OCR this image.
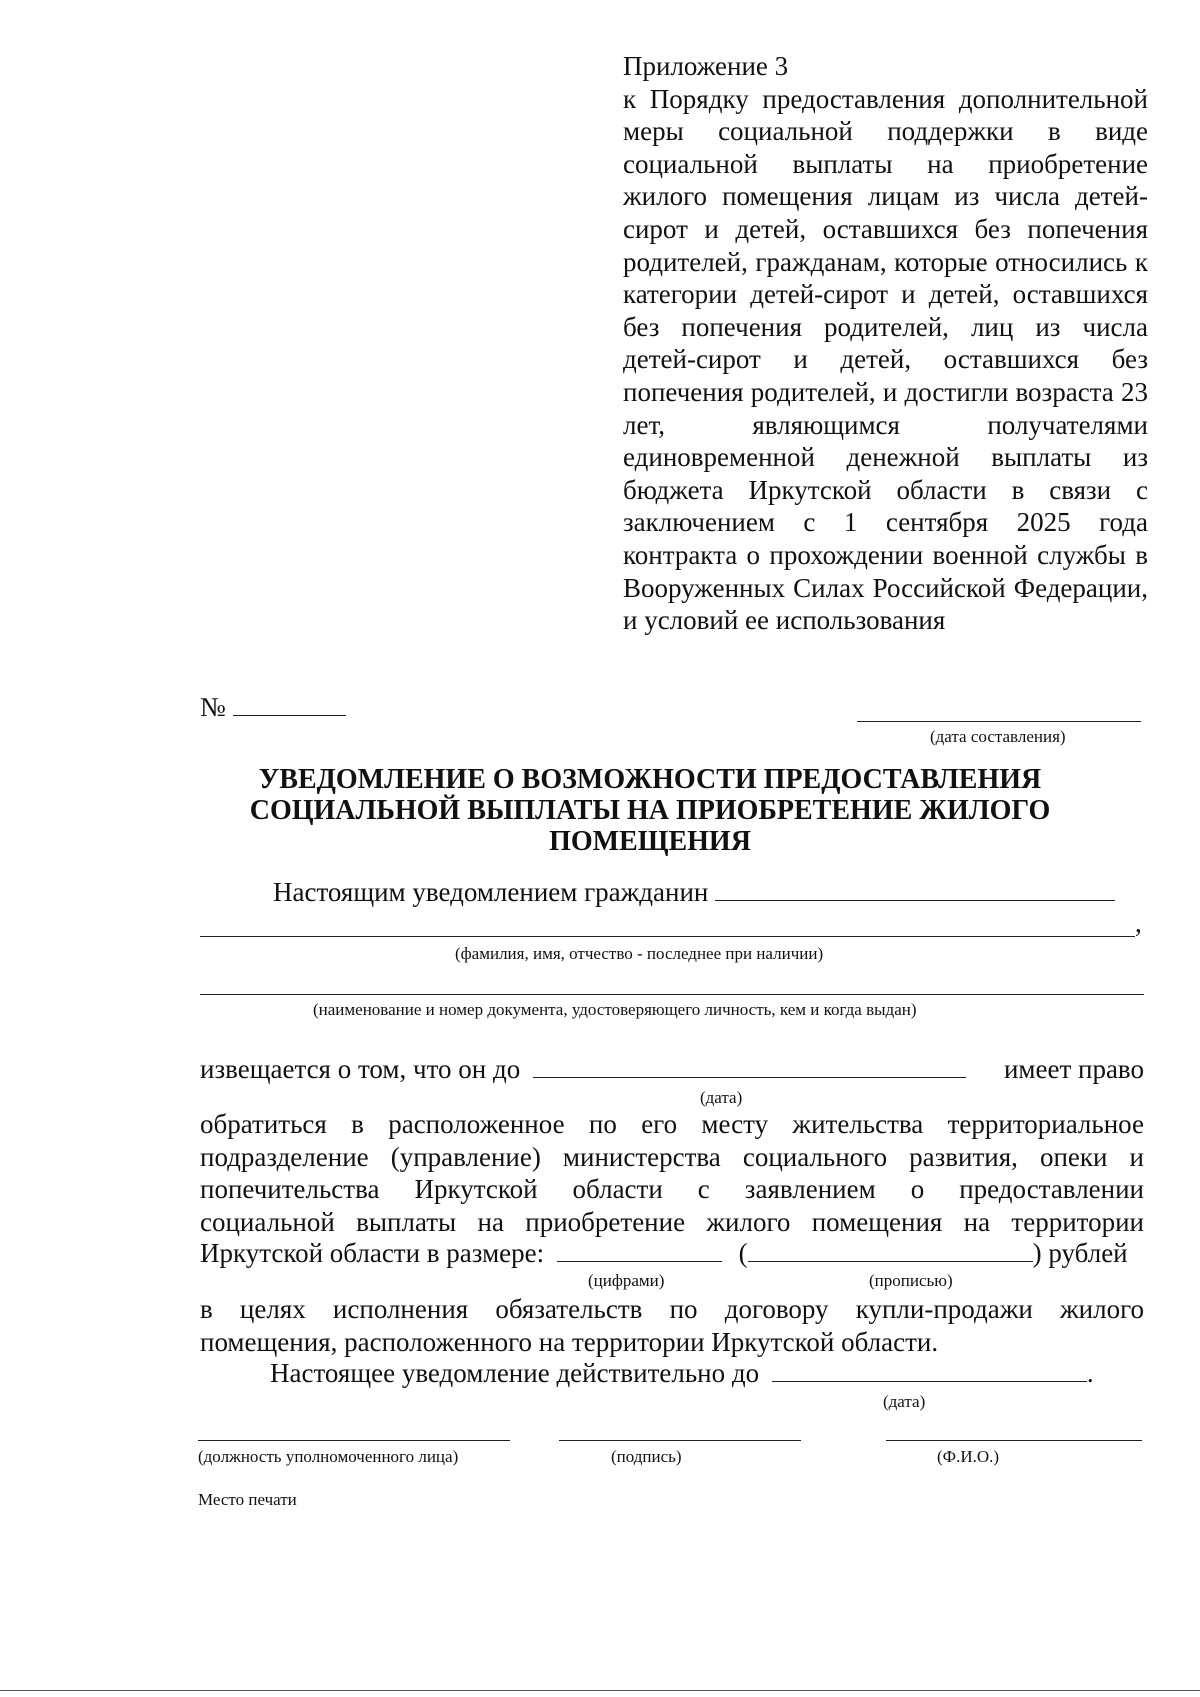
Приложение 3
к Порядку предоставления дополнительной меры социальной поддержки в виде социальной выплаты на приобретение жилого помещения лицам из числа детей-сирот и детей, оставшихся без попечения родителей, гражданам, которые относились к категории детей-сирот и детей, оставшихся без попечения родителей, лиц из числа детей-сирот и детей, оставшихся без попечения родителей, и достигли возраста 23 лет, являющимся получателями единовременной денежной выплаты из бюджета Иркутской области в связи с заключением с 1 сентября 2025 года контракта о прохождении военной службы в Вооруженных Силах Российской Федерации, и условий ее использования
№
(дата составления)
УВЕДОМЛЕНИЕ О ВОЗМОЖНОСТИ ПРЕДОСТАВЛЕНИЯ
СОЦИАЛЬНОЙ ВЫПЛАТЫ НА ПРИОБРЕТЕНИЕ ЖИЛОГО
ПОМЕЩЕНИЯ
Настоящим уведомлением гражданин
,
(фамилия, имя, отчество - последнее при наличии)
(наименование и номер документа, удостоверяющего личность, кем и когда выдан)
извещается о том, что он до	имеет право
(дата)
обратиться в расположенное по его месту жительства территориальное
подразделение (управление) министерства социального развития, опеки и
попечительства Иркутской области с заявлением о предоставлении
социальной выплаты на приобретение жилого помещения на территории
Иркутской области в размере:	(	) рублей
(цифрами)	(прописью)
в целях исполнения обязательств по договору купли-продажи жилого
помещения, расположенного на территории Иркутской области.
Настоящее уведомление действительно до	.
(дата)
(должность уполномоченного лица)	(подпись)	(Ф.И.О.)
Место печати
